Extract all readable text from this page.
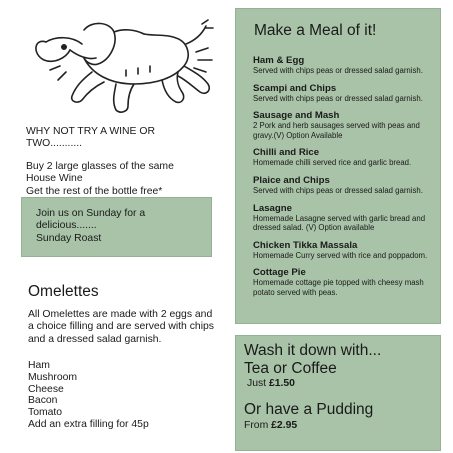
WHY NOT TRY A WINE OR

TWO...........

Buy 2 large glasses of the same

House Wine

Get the rest of the bottle free*

Join us on Sunday for a
delicious.......
Sunday Roast
Omelettes
All Omelettes are made with 2 eggs and a choice filling and are served with chips and a dressed salad garnish.
Ham
Mushroom
Cheese
Bacon
Tomato
Add an extra filling for 45p
Make a Meal of it!
Ham & Egg
Served with chips peas or dressed salad garnish.
Scampi and Chips
Served with chips peas or dressed salad garnish.
Sausage and Mash
2 Pork and herb sausages served with peas and gravy.(V) Option Available
Chilli and Rice
Homemade chilli served rice and garlic bread.
Plaice and Chips
Served with chips peas or dressed salad garnish.
Lasagne
Homemade Lasagne served with garlic bread and dressed salad. (V) Option available
Chicken Tikka Massala
Homemade Curry served with rice and poppadom.
Cottage Pie
Homemade cottage pie topped with cheesy mash potato served with peas.
Wash it down with...
Tea or Coffee
Just £1.50
Or have a Pudding
From £2.95
